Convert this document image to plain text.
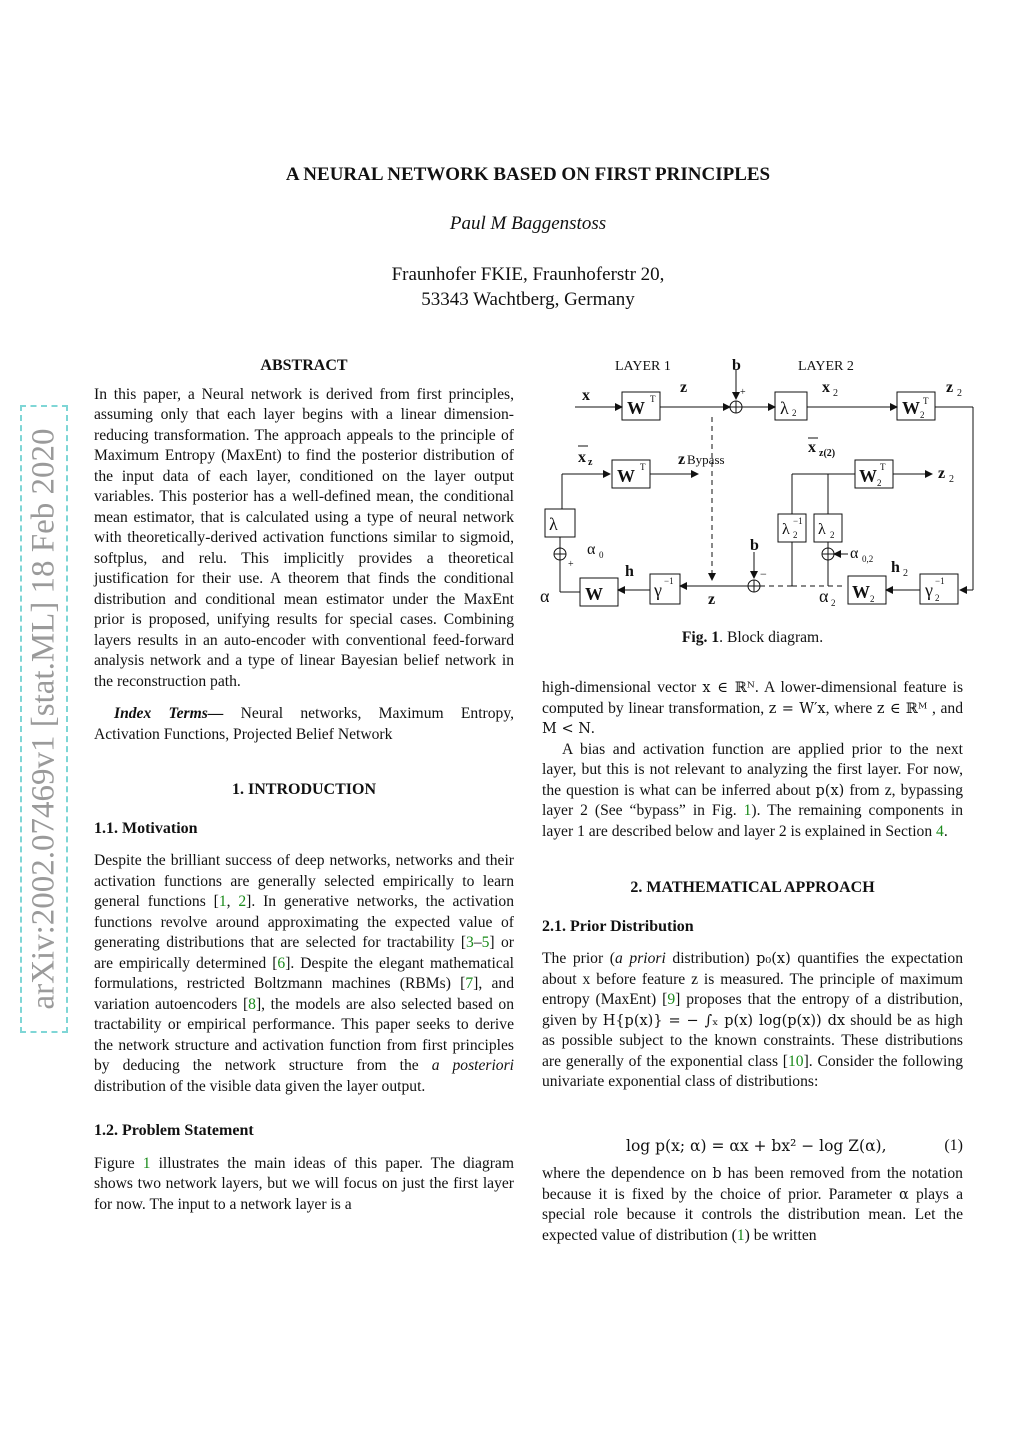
arXiv:2002.07469v1 [stat.ML] 18 Feb 2020
A NEURAL NETWORK BASED ON FIRST PRINCIPLES
Paul M Baggenstoss
Fraunhofer FKIE, Fraunhoferstr 20,
53343 Wachtberg, Germany
ABSTRACT

In this paper, a Neural network is derived from first principles, assuming only that each layer begins with a linear dimension-reducing transformation. The approach appeals to the principle of Maximum Entropy (MaxEnt) to find the posterior distribution of the input data of each layer, conditioned on the layer output variables. This posterior has a well-defined mean, the conditional mean estimator, that is calculated using a type of neural network with theoretically-derived activation functions similar to sigmoid, softplus, and relu. This implicitly provides a theoretical justification for their use. A theorem that finds the conditional distribution and conditional mean estimator under the MaxEnt prior is proposed, unifying results for special cases. Combining layers results in an auto-encoder with conventional feed-forward analysis network and a type of linear Bayesian belief network in the reconstruction path.

Index Terms— Neural networks, Maximum Entropy, Activation Functions, Projected Belief Network

1. INTRODUCTION
1.1. Motivation

Despite the brilliant success of deep networks, networks and their activation functions are generally selected empirically to learn general functions [1, 2]. In generative networks, the activation functions revolve around approximating the expected value of generating distributions that are selected for tractability [3–5] or are empirically determined [6]. Despite the elegant mathematical formulations, restricted Boltzmann machines (RBMs) [7], and variation autoencoders [8], the models are also selected based on tractability or empirical performance. This paper seeks to derive the network structure and activation function from first principles by deducing the network structure from the a posteriori distribution of the visible data given the layer output.

1.2. Problem Statement

Figure 1 illustrates the main ideas of this paper. The diagram shows two network layers, but we will focus on just the first layer for now. The input to a network layer is a

LAYER 1	LAYER 2
Bypass
b
x	z
W T
+
λ 2
x 2
W 2
T
z 2
x z
W T z
x z(2)
W 2
T	z 2
λ
α 0
+
α W
h
γ −1
z
b
−
λ −1
2 λ 2
α 0,2
α 2
W 2
h 2
γ −1
2
Fig. 1. Block diagram.

high-dimensional vector x ∈ ℝᴺ. A lower-dimensional feature is computed by linear transformation, z = W′x, where z ∈ ℝᴹ , and M < N.

A bias and activation function are applied prior to the next layer, but this is not relevant to analyzing the first layer. For now, the question is what can be inferred about p(x) from z, bypassing layer 2 (See “bypass” in Fig. 1). The remaining components in layer 1 are described below and layer 2 is explained in Section 4.

2. MATHEMATICAL APPROACH
2.1. Prior Distribution

The prior (a priori distribution) p₀(x) quantifies the expectation about x before feature z is measured. The principle of maximum entropy (MaxEnt) [9] proposes that the entropy of a distribution, given by H{p(x)} = − ∫ₓ p(x) log(p(x)) dx should be as high as possible subject to the known constraints. These distributions are generally of the exponential class [10]. Consider the following univariate exponential class of distributions:

log p(x; α) = αx + bx² − log Z(α),	(1)

where the dependence on b has been removed from the notation because it is fixed by the choice of prior. Parameter α plays a special role because it controls the distribution mean. Let the expected value of distribution (1) be written
